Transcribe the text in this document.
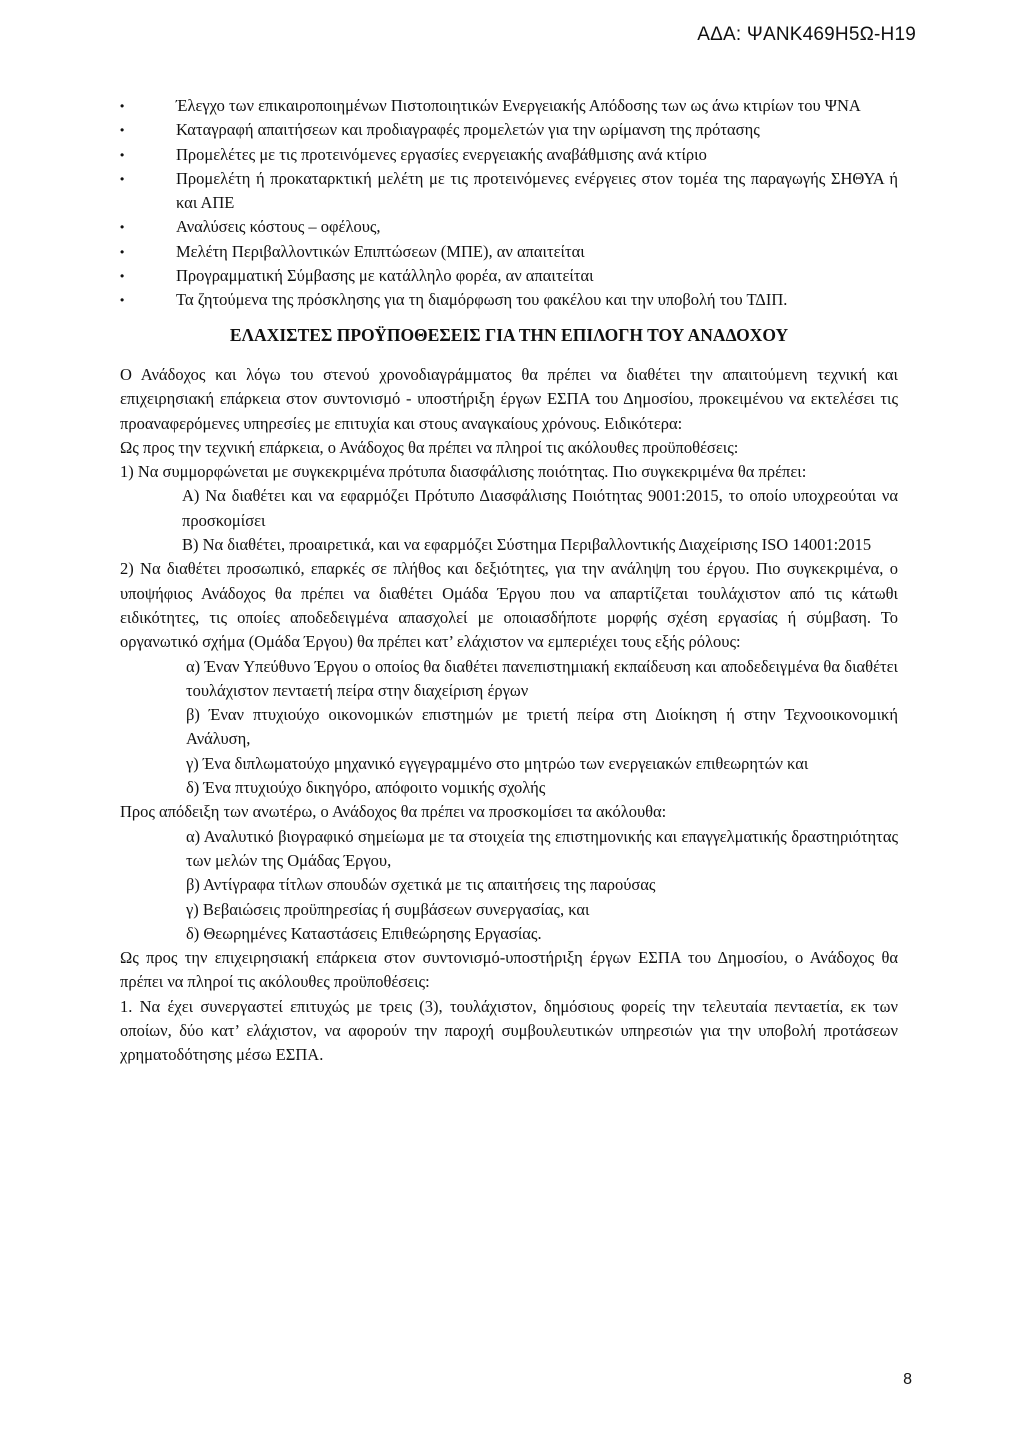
ΑΔΑ: ΨΑΝΚ469Η5Ω-Η19
• Έλεγχο των επικαιροποιημένων Πιστοποιητικών Ενεργειακής Απόδοσης των ως άνω κτιρίων του ΨΝΑ
• Καταγραφή απαιτήσεων και προδιαγραφές προμελετών για την ωρίμανση της πρότασης
• Προμελέτες με τις προτεινόμενες εργασίες ενεργειακής αναβάθμισης ανά κτίριο
• Προμελέτη ή προκαταρκτική μελέτη με τις προτεινόμενες ενέργειες στον τομέα της παραγωγής ΣΗΘΥΑ ή και ΑΠΕ
• Αναλύσεις κόστους – οφέλους,
• Μελέτη Περιβαλλοντικών Επιπτώσεων (ΜΠΕ), αν απαιτείται
• Προγραμματική Σύμβασης με κατάλληλο φορέα, αν απαιτείται
• Τα ζητούμενα της πρόσκλησης για τη διαμόρφωση του φακέλου και την υποβολή του ΤΔΙΠ.
ΕΛΑΧΙΣΤΕΣ ΠΡΟΫΠΟΘΕΣΕΙΣ ΓΙΑ ΤΗΝ ΕΠΙΛΟΓΗ ΤΟΥ ΑΝΑΔΟΧΟΥ

Ο Ανάδοχος και λόγω του στενού χρονοδιαγράμματος θα πρέπει να διαθέτει την απαιτούμενη τεχνική και επιχειρησιακή επάρκεια στον συντονισμό - υποστήριξη έργων ΕΣΠΑ του Δημοσίου, προκειμένου να εκτελέσει τις προαναφερόμενες υπηρεσίες με επιτυχία και στους αναγκαίους χρόνους. Ειδικότερα:

Ως προς την τεχνική επάρκεια, ο Ανάδοχος θα πρέπει να πληροί τις ακόλουθες προϋποθέσεις:

1) Να συμμορφώνεται με συγκεκριμένα πρότυπα διασφάλισης ποιότητας. Πιο συγκεκριμένα θα πρέπει:

Α) Να διαθέτει και να εφαρμόζει Πρότυπο Διασφάλισης Ποιότητας 9001:2015, το οποίο υποχρεούται να προσκομίσει

Β) Να διαθέτει, προαιρετικά, και να εφαρμόζει Σύστημα Περιβαλλοντικής Διαχείρισης ISO 14001:2015

2) Να διαθέτει προσωπικό, επαρκές σε πλήθος και δεξιότητες, για την ανάληψη του έργου. Πιο συγκεκριμένα, ο υποψήφιος Ανάδοχος θα πρέπει να διαθέτει Ομάδα Έργου που να απαρτίζεται τουλάχιστον από τις κάτωθι ειδικότητες, τις οποίες αποδεδειγμένα απασχολεί με οποιασδήποτε μορφής σχέση εργασίας ή σύμβαση. Το οργανωτικό σχήμα (Ομάδα Έργου) θα πρέπει κατ’ ελάχιστον να εμπεριέχει τους εξής ρόλους:

α) Έναν Υπεύθυνο Έργου ο οποίος θα διαθέτει πανεπιστημιακή εκπαίδευση και αποδεδειγμένα θα διαθέτει τουλάχιστον πενταετή πείρα στην διαχείριση έργων

β) Έναν πτυχιούχο οικονομικών επιστημών με τριετή πείρα στη Διοίκηση ή στην Τεχνοοικονομική Ανάλυση,

γ) Ένα διπλωματούχο μηχανικό εγγεγραμμένο στο μητρώο των ενεργειακών επιθεωρητών και

δ) Ένα πτυχιούχο δικηγόρο, απόφοιτο νομικής σχολής

Προς απόδειξη των ανωτέρω, ο Ανάδοχος θα πρέπει να προσκομίσει τα ακόλουθα:

α) Αναλυτικό βιογραφικό σημείωμα με τα στοιχεία της επιστημονικής και επαγγελματικής δραστηριότητας των μελών της Ομάδας Έργου,

β) Αντίγραφα τίτλων σπουδών σχετικά με τις απαιτήσεις της παρούσας

γ) Βεβαιώσεις προϋπηρεσίας ή συμβάσεων συνεργασίας, και

δ) Θεωρημένες Καταστάσεις Επιθεώρησης Εργασίας.

Ως προς την επιχειρησιακή επάρκεια στον συντονισμό-υποστήριξη έργων ΕΣΠΑ του Δημοσίου, ο Ανάδοχος θα πρέπει να πληροί τις ακόλουθες προϋποθέσεις:

1. Να έχει συνεργαστεί επιτυχώς με τρεις (3), τουλάχιστον, δημόσιους φορείς την τελευταία πενταετία, εκ των οποίων, δύο κατ’ ελάχιστον, να αφορούν την παροχή συμβουλευτικών υπηρεσιών για την υποβολή προτάσεων χρηματοδότησης μέσω ΕΣΠΑ.

8
